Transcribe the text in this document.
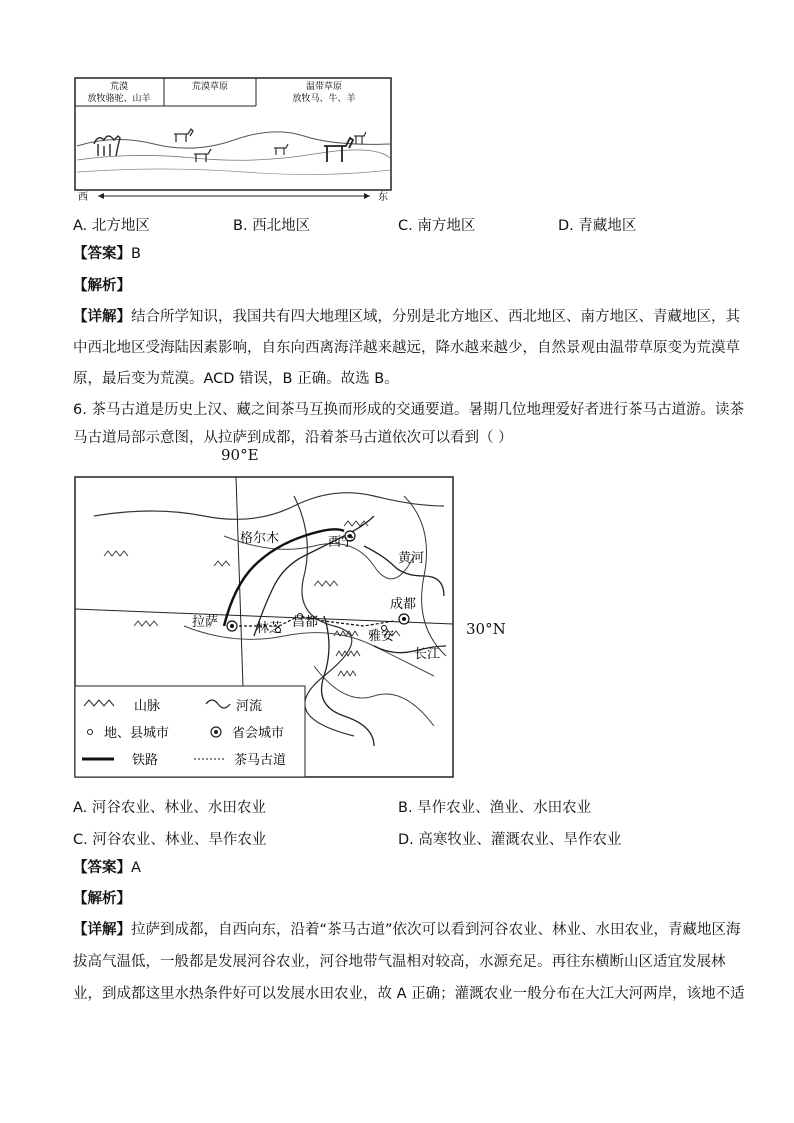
荒漠
放牧骆驼、山羊
荒漠草原	温带草原
放牧马、牛、羊
西	东
A. 北方地区	B. 西北地区	C. 南方地区	D. 青藏地区
【答案】B
【解析】
【详解】结合所学知识，我国共有四大地理区域，分别是北方地区、西北地区、南方地区、青藏地区，其
中西北地区受海陆因素影响，自东向西离海洋越来越远，降水越来越少，自然景观由温带草原变为荒漠草
原，最后变为荒漠。ACD 错误，B 正确。故选 B。
6. 茶马古道是历史上汉、藏之间茶马互换而形成的交通要道。暑期几位地理爱好者进行茶马古道游。读茶
马古道局部示意图，从拉萨到成都，沿着茶马古道依次可以看到（ ）
90°E
格尔木	西宁
黄河
成都
拉萨	林芝 昌都
雅安
长江
山脉	河流
地、县城市	省会城市
铁路	茶马古道
30°N
A. 河谷农业、林业、水田农业	B. 旱作农业、渔业、水田农业
C. 河谷农业、林业、旱作农业	D. 高寒牧业、灌溉农业、旱作农业
【答案】A
【解析】
【详解】拉萨到成都，自西向东，沿着“茶马古道”依次可以看到河谷农业、林业、水田农业，青藏地区海
拔高气温低，一般都是发展河谷农业，河谷地带气温相对较高，水源充足。再往东横断山区适宜发展林
业，到成都这里水热条件好可以发展水田农业，故 A 正确；灌溉农业一般分布在大江大河两岸，该地不适
